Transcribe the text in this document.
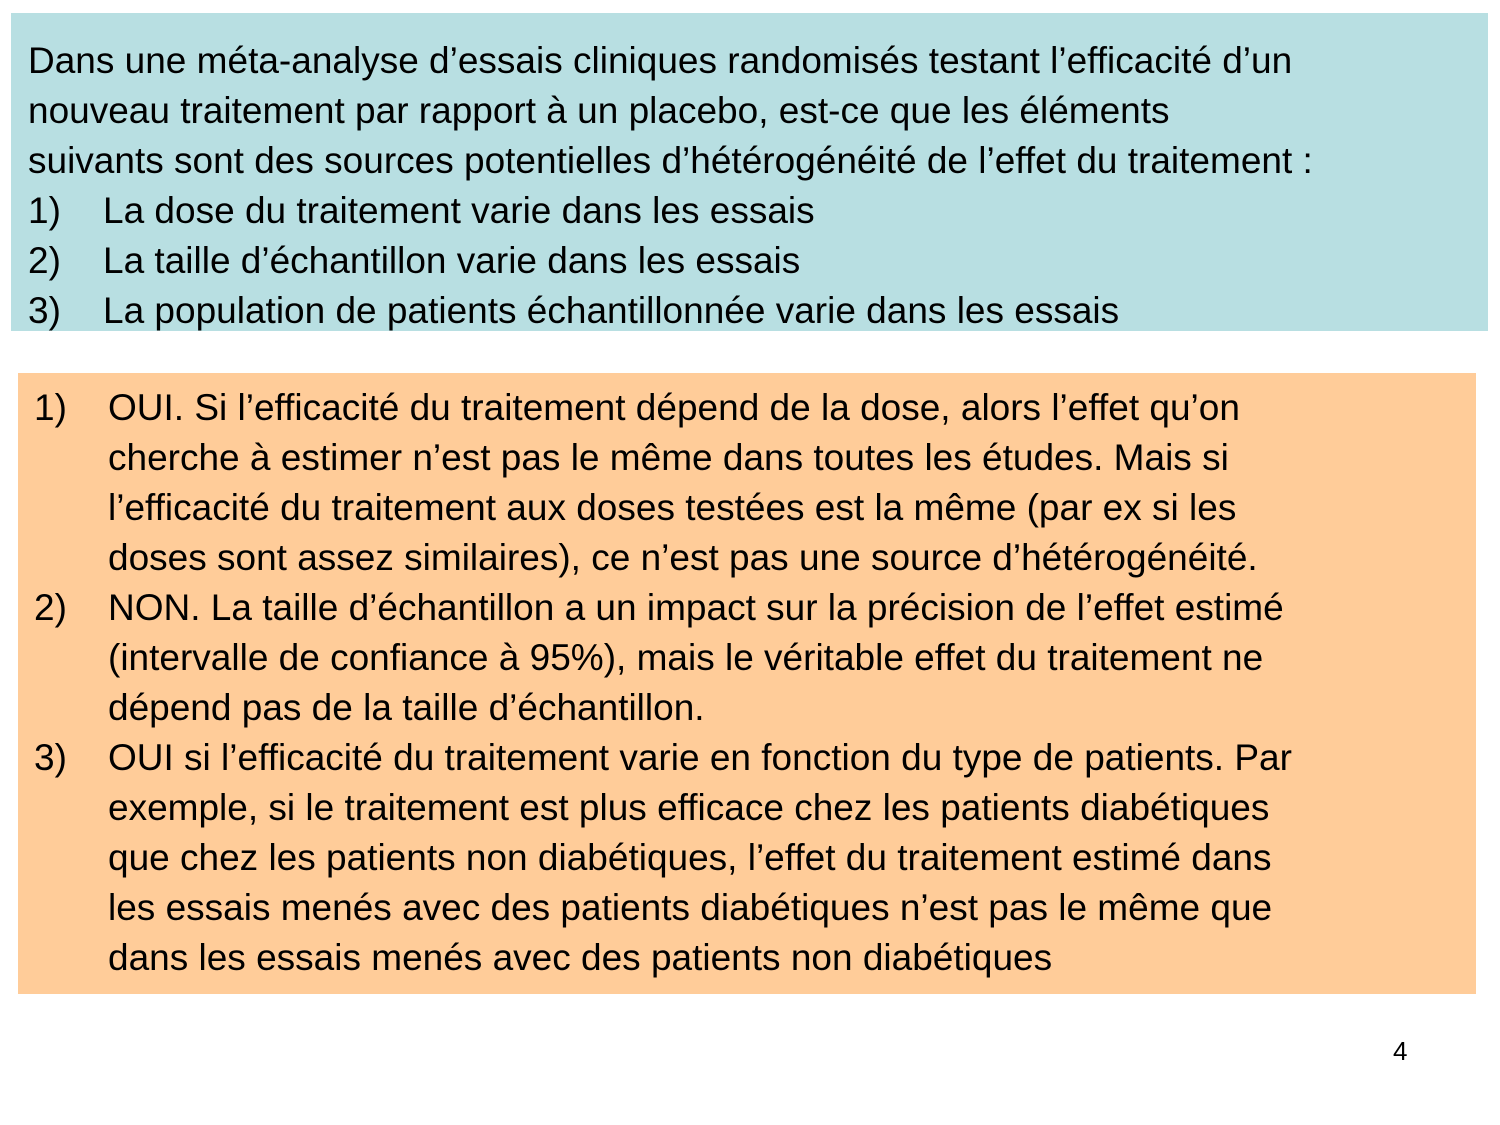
Dans une méta-analyse d’essais cliniques randomisés testant l’efficacité d’un
nouveau traitement par rapport à un placebo, est-ce que les éléments
suivants sont des sources potentielles d’hétérogénéité de l’effet du traitement :

1)	La dose du traitement varie dans les essais
2)	La taille d’échantillon varie dans les essais
3)	La population de patients échantillonnée varie dans les essais
1)	OUI. Si l’efficacité du traitement dépend de la dose, alors l’effet qu’on
cherche à estimer n’est pas le même dans toutes les études. Mais si
l’efficacité du traitement aux doses testées est la même (par ex si les
doses sont assez similaires), ce n’est pas une source d’hétérogénéité.
2)	NON. La taille d’échantillon a un impact sur la précision de l’effet estimé
(intervalle de confiance à 95%), mais le véritable effet du traitement ne
dépend pas de la taille d’échantillon.
3)	OUI si l’efficacité du traitement varie en fonction du type de patients. Par
exemple, si le traitement est plus efficace chez les patients diabétiques
que chez les patients non diabétiques, l’effet du traitement estimé dans
les essais menés avec des patients diabétiques n’est pas le même que
dans les essais menés avec des patients non diabétiques
4
